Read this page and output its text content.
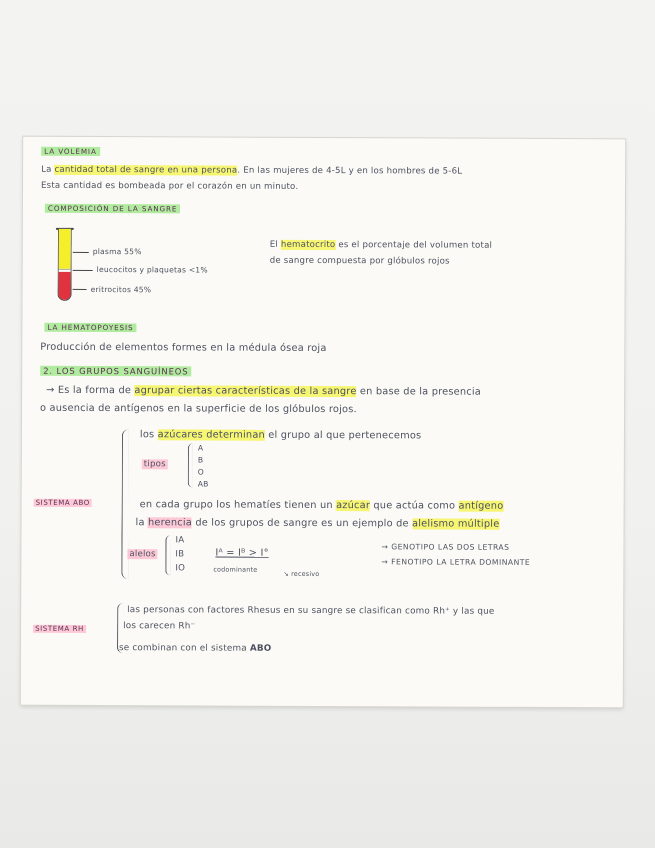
LA VOLEMIA
La cantidad total de sangre en una persona. En las mujeres de 4-5L y en los hombres de 5-6L
Esta cantidad es bombeada por el corazón en un minuto.
COMPOSICIÓN DE LA SANGRE
plasma 55%
leucocitos y plaquetas <1%
eritrocitos 45%
El hematocrito es el porcentaje del volumen total
de sangre compuesta por glóbulos rojos
LA HEMATOPOYESIS
Producción de elementos formes en la médula ósea roja
2. LOS GRUPOS SANGUÍNEOS
→ Es la forma de agrupar ciertas características de la sangre en base de la presencia
o ausencia de antígenos en la superficie de los glóbulos rojos.
SISTEMA ABO
los azúcares determinan el grupo al que pertenecemos
tipos
A
B
O
AB
en cada grupo los hematíes tienen un azúcar que actúa como antígeno
la herencia de los grupos de sangre es un ejemplo de alelismo múltiple
alelos
IA
IB
IO
Iᴬ = Iᴮ > I°
codominante
↘ recesivo
→ GENOTIPO LAS DOS LETRAS
→ FENOTIPO LA LETRA DOMINANTE
SISTEMA RH
las personas con factores Rhesus en su sangre se clasifican como Rh⁺ y las que
los carecen Rh⁻
se combinan con el sistema ABO
